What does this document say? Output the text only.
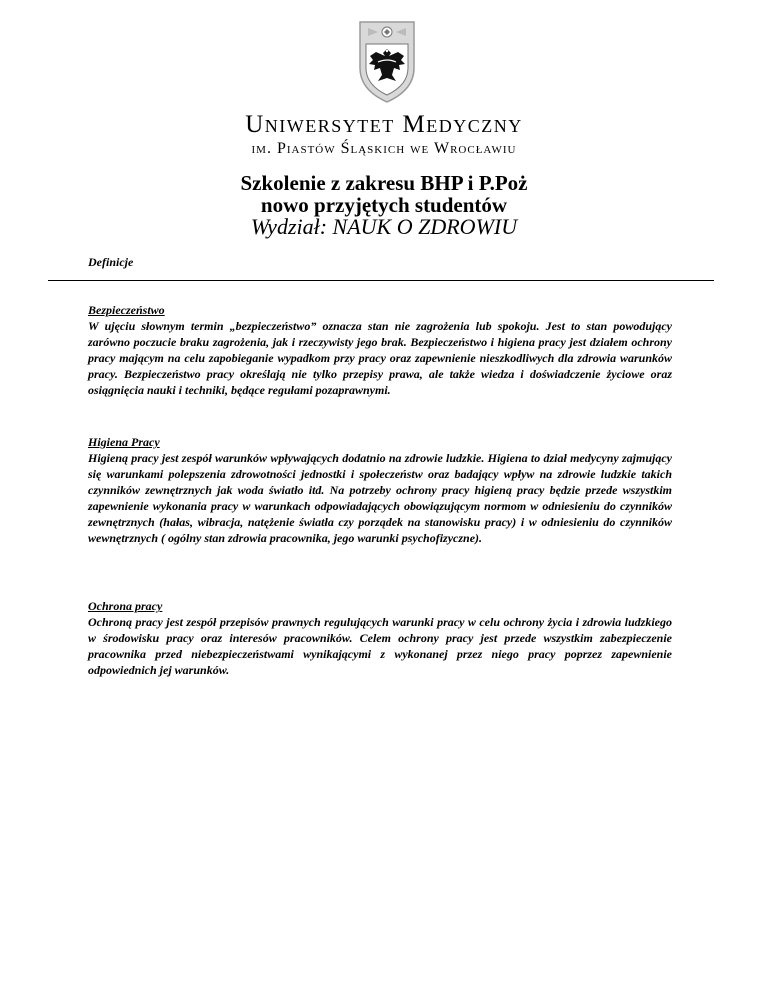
Uniwersytet Medyczny
im. Piastów Śląskich we Wrocławiu
Szkolenie z zakresu BHP i P.Poż
nowo przyjętych studentów
Wydział: NAUK O ZDROWIU
Definicje
Bezpieczeństwo
W ujęciu słownym termin „bezpieczeństwo” oznacza stan nie zagrożenia lub spokoju. Jest to stan powodujący zarówno poczucie braku zagrożenia, jak i rzeczywisty jego brak. Bezpieczeństwo i higiena pracy jest działem ochrony pracy mającym na celu zapobieganie wypadkom przy pracy oraz zapewnienie nieszkodliwych dla zdrowia warunków pracy. Bezpieczeństwo pracy określają nie tylko przepisy prawa, ale także wiedza i doświadczenie życiowe oraz osiągnięcia nauki i techniki, będące regułami pozaprawnymi.
Higiena Pracy
Higieną pracy jest zespół warunków wpływających dodatnio na zdrowie ludzkie. Higiena to dział medycyny zajmujący się warunkami polepszenia zdrowotności jednostki i społeczeństw oraz badający wpływ na zdrowie ludzkie takich czynników zewnętrznych jak woda światło itd. Na potrzeby ochrony pracy higieną pracy będzie przede wszystkim zapewnienie wykonania pracy w warunkach odpowiadających obowiązującym normom w odniesieniu do czynników zewnętrznych (hałas, wibracja, natężenie światła czy porządek na stanowisku pracy) i w odniesieniu do czynników wewnętrznych ( ogólny stan zdrowia pracownika, jego warunki psychofizyczne).
Ochrona pracy
Ochroną pracy jest zespół przepisów prawnych regulujących warunki pracy w celu ochrony życia i zdrowia ludzkiego w środowisku pracy oraz interesów pracowników. Celem ochrony pracy jest przede wszystkim zabezpieczenie pracownika przed niebezpieczeństwami wynikającymi z wykonanej przez niego pracy poprzez zapewnienie odpowiednich jej warunków.
